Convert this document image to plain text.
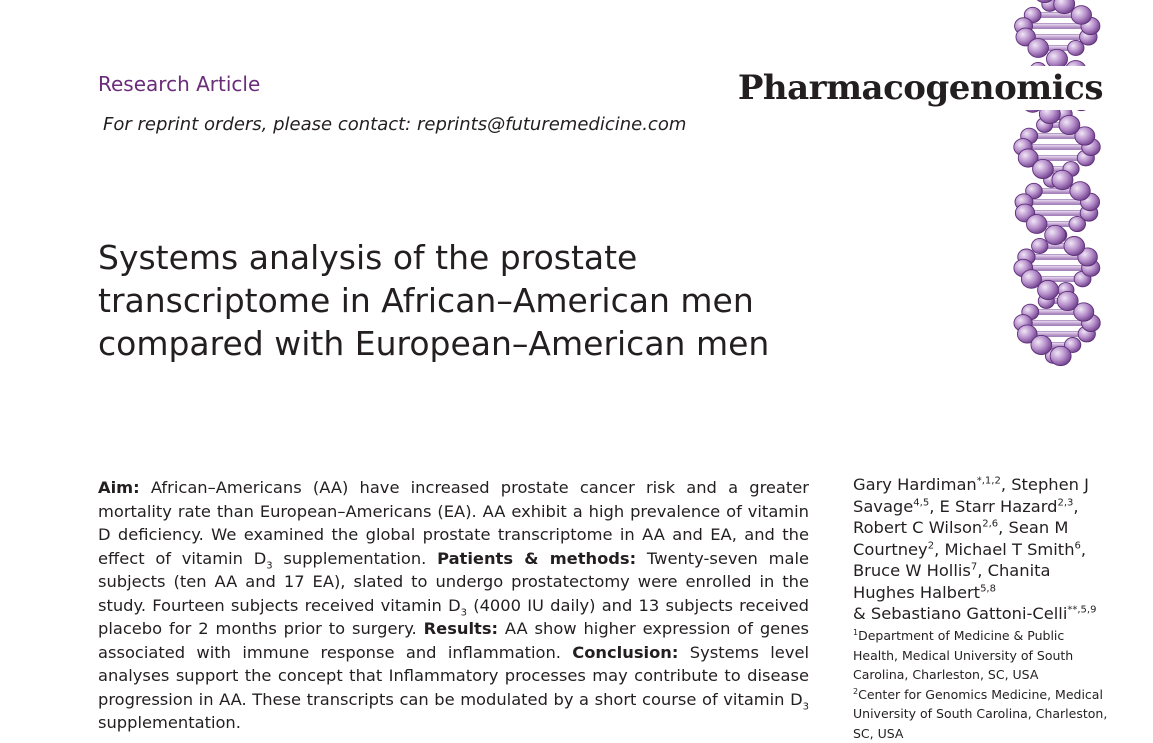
Research Article
For reprint orders, please contact: reprints@futuremedicine.com
Pharmacogenomics
Systems analysis of the prostate
transcriptome in African–American men
compared with European–American men

Aim: African–Americans (AA) have increased prostate cancer risk and a greater mortality rate than European–Americans (EA). AA exhibit a high prevalence of vitamin D deficiency. We examined the global prostate transcriptome in AA and EA, and the effect of vitamin $D_3$ supplementation. Patients & methods: Twenty-seven male subjects (ten AA and 17 EA), slated to undergo prostatectomy were enrolled in the study. Fourteen subjects received vitamin $D_3$ (4000 IU daily) and 13 subjects received placebo for 2 months prior to surgery. Results: AA show higher expression of genes associated with immune response and inflammation. Conclusion: Systems level analyses support the concept that Inflammatory processes may contribute to disease progression in AA. These transcripts can be modulated by a short course of vitamin $D_3$ supplementation.

Gary Hardiman$^{*,1,2}$, Stephen J Savage$^{4,5}$, E Starr Hazard$^{2,3}$, Robert C Wilson$^{2,6}$, Sean M Courtney$^2$, Michael T Smith$^6$, Bruce W Hollis$^7$, Chanita Hughes Halbert$^{5,8}$
& Sebastiano Gattoni-Celli$^{**,5,9}$

$^1$Department of Medicine & Public Health, Medical University of South Carolina, Charleston, SC, USA
$^2$Center for Genomics Medicine, Medical University of South Carolina, Charleston, SC, USA
